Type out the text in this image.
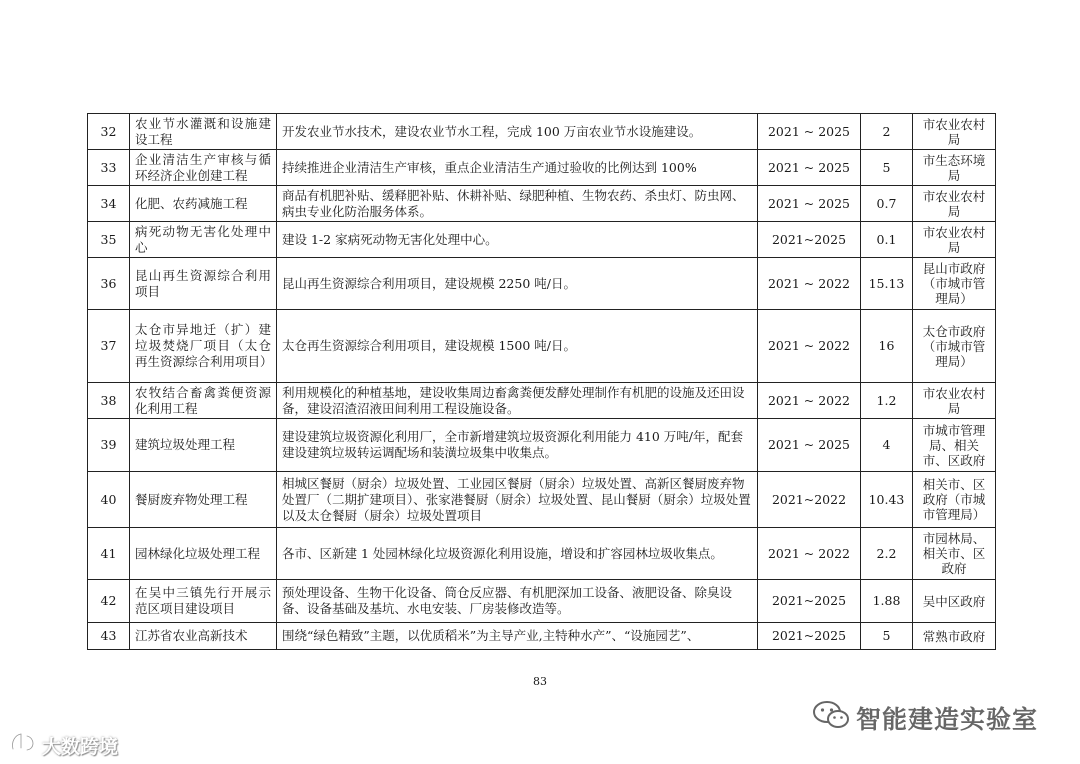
32	农业节水灌溉和设施建设工程	开发农业节水技术，建设农业节水工程，完成 100 万亩农业节水设施建设。	2021 ~ 2025	2	市农业农村局
33	企业清洁生产审核与循环经济企业创建工程	持续推进企业清洁生产审核，重点企业清洁生产通过验收的比例达到 100%	2021 ~ 2025	5	市生态环境局
34	化肥、农药减施工程	商品有机肥补贴、缓释肥补贴、休耕补贴、绿肥种植、生物农药、杀虫灯、防虫网、病虫专业化防治服务体系。	2021 ~ 2025	0.7	市农业农村局
35	病死动物无害化处理中心	建设 1-2 家病死动物无害化处理中心。	2021~2025	0.1	市农业农村局
36	昆山再生资源综合利用项目	昆山再生资源综合利用项目，建设规模 2250 吨/日。	2021 ~ 2022	15.13	昆山市政府（市城市管理局）
37	太仓市异地迁（扩）建垃圾焚烧厂项目（太仓再生资源综合利用项目）	太仓再生资源综合利用项目，建设规模 1500 吨/日。	2021 ~ 2022	16	太仓市政府（市城市管理局）
38	农牧结合畜禽粪便资源化利用工程	利用规模化的种植基地，建设收集周边畜禽粪便发酵处理制作有机肥的设施及还田设备，建设沼渣沼液田间利用工程设施设备。	2021 ~ 2022	1.2	市农业农村局
39	建筑垃圾处理工程	建设建筑垃圾资源化利用厂，全市新增建筑垃圾资源化利用能力 410 万吨/年，配套建设建筑垃圾转运调配场和装潢垃圾集中收集点。	2021 ~ 2025	4	市城市管理局、相关市、区政府
40	餐厨废弃物处理工程	相城区餐厨（厨余）垃圾处置、工业园区餐厨（厨余）垃圾处置、高新区餐厨废弃物处置厂（二期扩建项目）、张家港餐厨（厨余）垃圾处置、昆山餐厨（厨余）垃圾处置以及太仓餐厨（厨余）垃圾处置项目	2021~2022	10.43	相关市、区政府（市城市管理局）
41	园林绿化垃圾处理工程	各市、区新建 1 处园林绿化垃圾资源化利用设施，增设和扩容园林垃圾收集点。	2021 ~ 2022	2.2	市园林局、相关市、区政府
42	在吴中三镇先行开展示范区项目建设项目	预处理设备、生物干化设备、筒仓反应器、有机肥深加工设备、液肥设备、除臭设备、设备基础及基坑、水电安装、厂房装修改造等。	2021~2025	1.88	吴中区政府
43	江苏省农业高新技术	围绕“绿色精致”主题，以优质稻米”为主导产业,主特种水产”、“设施园艺”、	2021~2025	5	常熟市政府
83
大数跨境
智能建造实验室
